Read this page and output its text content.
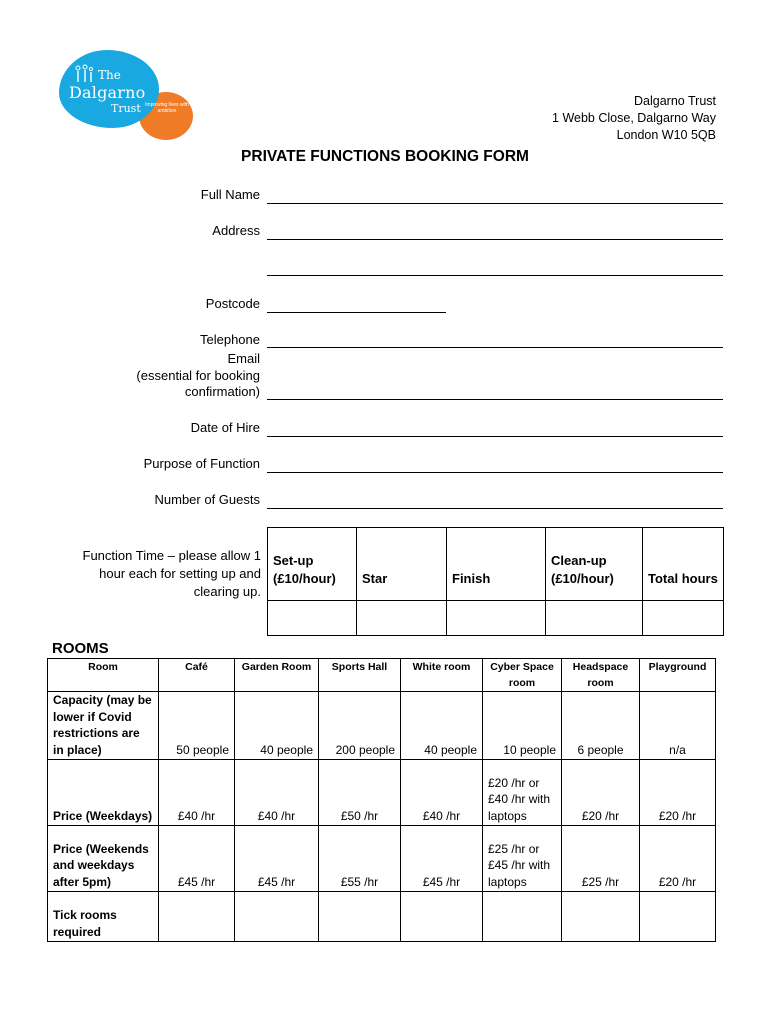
The
Dalgarno
Trust Improving lives with ambition
Dalgarno Trust
1 Webb Close, Dalgarno Way
London W10 5QB
PRIVATE FUNCTIONS BOOKING FORM
Full Name
Address
Postcode
Telephone
Email
(essential for booking
confirmation)
Date of Hire
Purpose of Function
Number of Guests
Function Time – please allow 1
hour each for setting up and
clearing up.
Set-up (£10/hour)	Star	Finish	Clean-up (£10/hour)	Total hours

ROOMS
Room	Café	Garden Room	Sports Hall	White room	Cyber Space room	Headspace room	Playground
Capacity (may be lower if Covid restrictions are in place)	50 people	40 people	200 people	40 people	10 people	6 people	n/a
Price (Weekdays)	£40 /hr	£40 /hr	£50 /hr	£40 /hr	£20 /hr or £40 /hr with laptops	£20 /hr	£20 /hr
Price (Weekends and weekdays after 5pm)	£45 /hr	£45 /hr	£55 /hr	£45 /hr	£25 /hr or £45 /hr with laptops	£25 /hr	£20 /hr
Tick rooms required							
